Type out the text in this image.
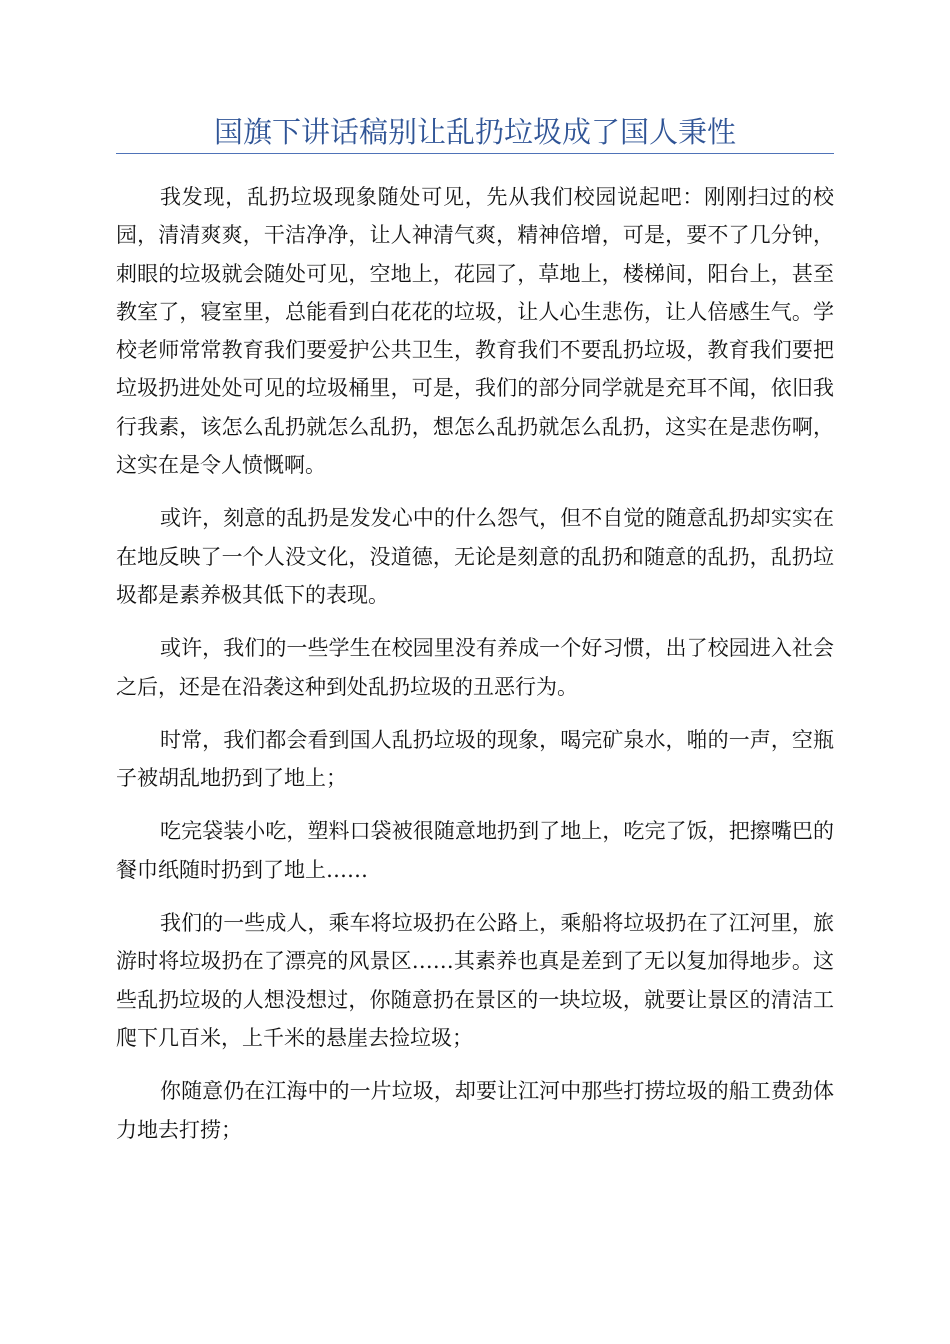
国旗下讲话稿别让乱扔垃圾成了国人秉性

我发现，乱扔垃圾现象随处可见，先从我们校园说起吧：刚刚扫过的校园，清清爽爽，干洁净净，让人神清气爽，精神倍增，可是，要不了几分钟，刺眼的垃圾就会随处可见，空地上，花园了，草地上，楼梯间，阳台上，甚至教室了，寝室里，总能看到白花花的垃圾，让人心生悲伤，让人倍感生气。学校老师常常教育我们要爱护公共卫生，教育我们不要乱扔垃圾，教育我们要把垃圾扔进处处可见的垃圾桶里，可是，我们的部分同学就是充耳不闻，依旧我行我素，该怎么乱扔就怎么乱扔，想怎么乱扔就怎么乱扔，这实在是悲伤啊，这实在是令人愤慨啊。

或许，刻意的乱扔是发发心中的什么怨气，但不自觉的随意乱扔却实实在在地反映了一个人没文化，没道德，无论是刻意的乱扔和随意的乱扔，乱扔垃圾都是素养极其低下的表现。

或许，我们的一些学生在校园里没有养成一个好习惯，出了校园进入社会之后，还是在沿袭这种到处乱扔垃圾的丑恶行为。

时常，我们都会看到国人乱扔垃圾的现象，喝完矿泉水，啪的一声，空瓶子被胡乱地扔到了地上；

吃完袋装小吃，塑料口袋被很随意地扔到了地上，吃完了饭，把擦嘴巴的餐巾纸随时扔到了地上……

我们的一些成人，乘车将垃圾扔在公路上，乘船将垃圾扔在了江河里，旅游时将垃圾扔在了漂亮的风景区……其素养也真是差到了无以复加得地步。这些乱扔垃圾的人想没想过，你随意扔在景区的一块垃圾，就要让景区的清洁工爬下几百米，上千米的悬崖去捡垃圾；

你随意仍在江海中的一片垃圾，却要让江河中那些打捞垃圾的船工费劲体力地去打捞；
